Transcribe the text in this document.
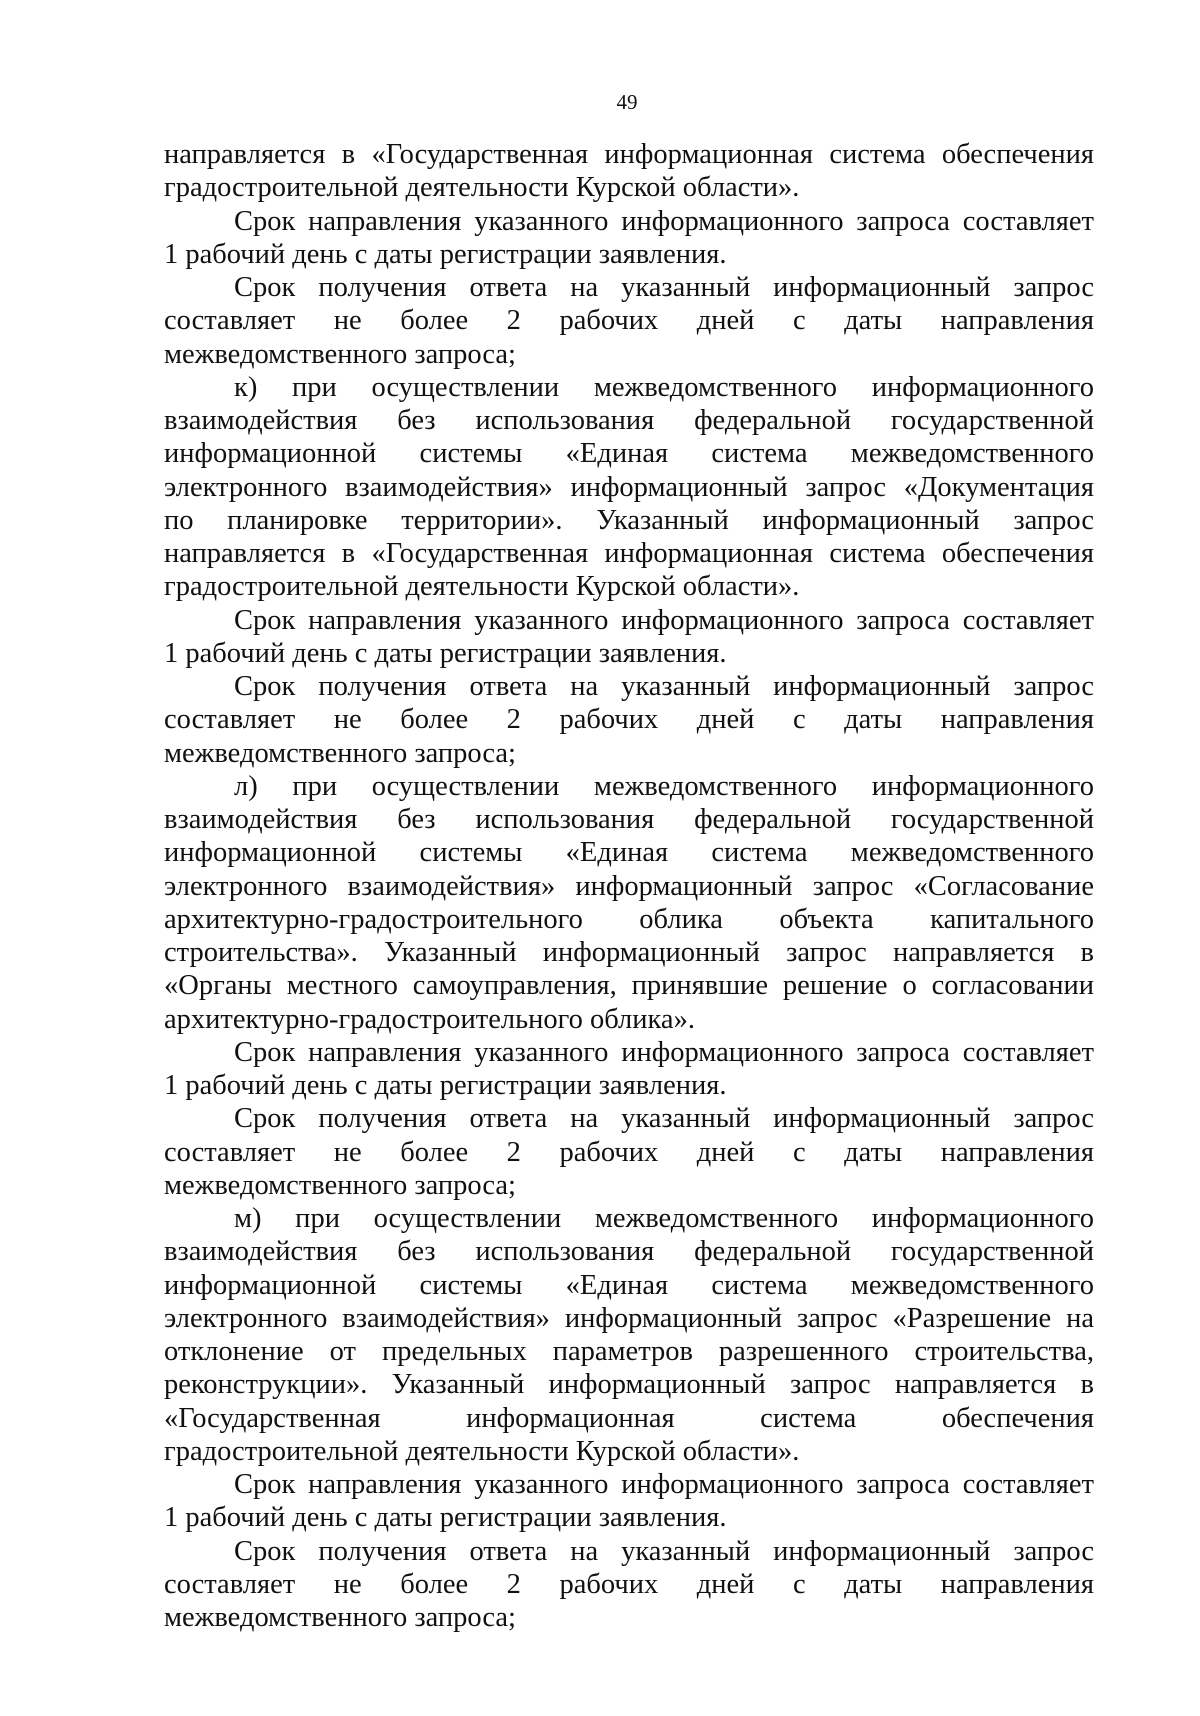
49
направляется в «Государственная информационная система обеспечения
градостроительной деятельности Курской области».
Срок направления указанного информационного запроса составляет
1 рабочий день с даты регистрации заявления.
Срок получения ответа на указанный информационный запрос
составляет не более 2 рабочих дней с даты направления
межведомственного запроса;
к) при осуществлении межведомственного информационного
взаимодействия без использования федеральной государственной
информационной системы «Единая система межведомственного
электронного взаимодействия» информационный запрос «Документация
по планировке территории». Указанный информационный запрос
направляется в «Государственная информационная система обеспечения
градостроительной деятельности Курской области».
Срок направления указанного информационного запроса составляет
1 рабочий день с даты регистрации заявления.
Срок получения ответа на указанный информационный запрос
составляет не более 2 рабочих дней с даты направления
межведомственного запроса;
л) при осуществлении межведомственного информационного
взаимодействия без использования федеральной государственной
информационной системы «Единая система межведомственного
электронного взаимодействия» информационный запрос «Согласование
архитектурно-градостроительного облика объекта капитального
строительства». Указанный информационный запрос направляется в
«Органы местного самоуправления, принявшие решение о согласовании
архитектурно-градостроительного облика».
Срок направления указанного информационного запроса составляет
1 рабочий день с даты регистрации заявления.
Срок получения ответа на указанный информационный запрос
составляет не более 2 рабочих дней с даты направления
межведомственного запроса;
м) при осуществлении межведомственного информационного
взаимодействия без использования федеральной государственной
информационной системы «Единая система межведомственного
электронного взаимодействия» информационный запрос «Разрешение на
отклонение от предельных параметров разрешенного строительства,
реконструкции». Указанный информационный запрос направляется в
«Государственная информационная система обеспечения
градостроительной деятельности Курской области».
Срок направления указанного информационного запроса составляет
1 рабочий день с даты регистрации заявления.
Срок получения ответа на указанный информационный запрос
составляет не более 2 рабочих дней с даты направления
межведомственного запроса;
